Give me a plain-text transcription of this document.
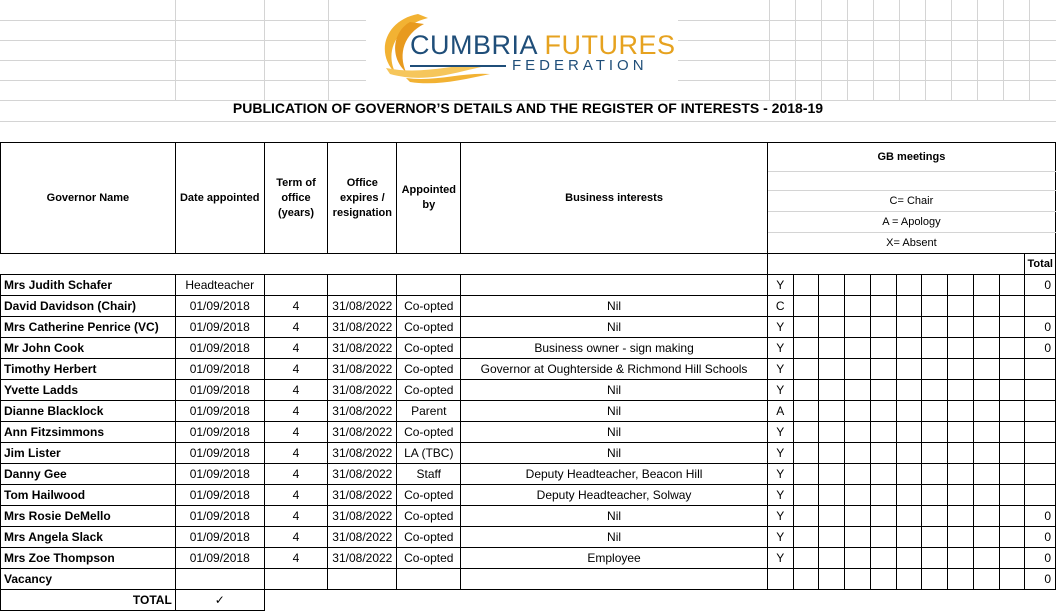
CUMBRIA FUTURES
FEDERATION
PUBLICATION OF GOVERNOR’S DETAILS AND THE REGISTER OF INTERESTS - 2018-19
Governor Name	Date appointed	Term of office (years)	Office expires / resignation	Appointed by	Business interests	GB meetings										

						C= Chair										
						A = Apology										
						X= Absent										
																Total
Mrs Judith Schafer	Headteacher					Y										0
David Davidson (Chair)	01/09/2018	4	31/08/2022	Co-opted	Nil	C										
Mrs Catherine Penrice (VC)	01/09/2018	4	31/08/2022	Co-opted	Nil	Y										0
Mr John Cook	01/09/2018	4	31/08/2022	Co-opted	Business owner - sign making	Y										0
Timothy Herbert	01/09/2018	4	31/08/2022	Co-opted	Governor at Oughterside & Richmond Hill Schools	Y										
Yvette Ladds	01/09/2018	4	31/08/2022	Co-opted	Nil	Y										
Dianne Blacklock	01/09/2018	4	31/08/2022	Parent	Nil	A										
Ann Fitzsimmons	01/09/2018	4	31/08/2022	Co-opted	Nil	Y										
Jim Lister	01/09/2018	4	31/08/2022	LA (TBC)	Nil	Y										
Danny Gee	01/09/2018	4	31/08/2022	Staff	Deputy Headteacher, Beacon Hill	Y										
Tom Hailwood	01/09/2018	4	31/08/2022	Co-opted	Deputy Headteacher, Solway	Y										
Mrs Rosie DeMello	01/09/2018	4	31/08/2022	Co-opted	Nil	Y										0
Mrs Angela Slack	01/09/2018	4	31/08/2022	Co-opted	Nil	Y										0
Mrs Zoe Thompson	01/09/2018	4	31/08/2022	Co-opted	Employee	Y										0
Vacancy																0
TOTAL	✓															
